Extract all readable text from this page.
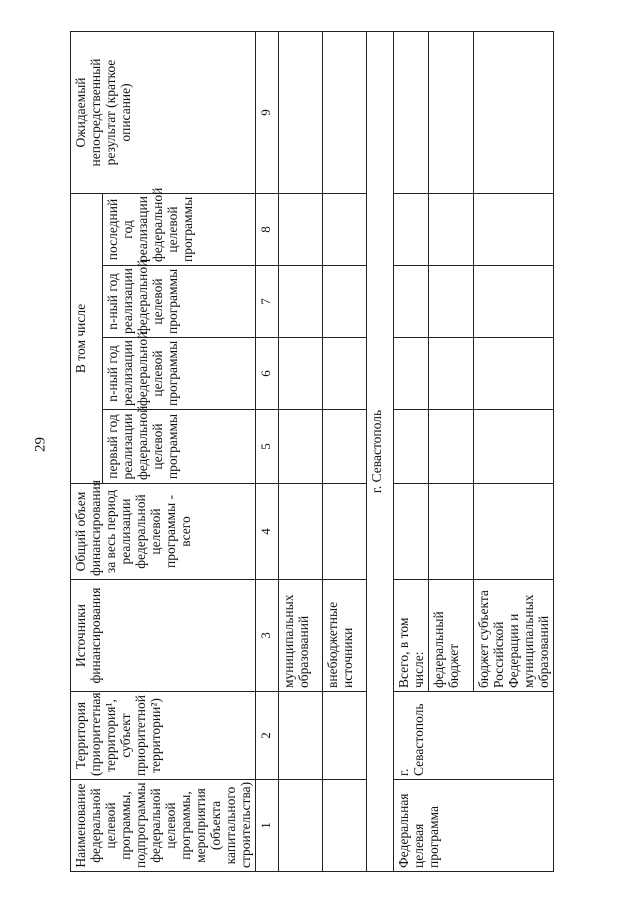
29
Наименование федеральной целевой программы, подпрограммы федеральной целевой программы, мероприятия (объекта капитального строительства)	Территория (приоритетная территория¹, субъект приоритетной территории²)	Источники финансирования	Общий объем финансирования за весь период реализации федеральной целевой программы - всего	В том числе				Ожидаемый непосредственный результат (краткое описание)
				первый год реализации федеральной целевой программы	n-ный год реализации федеральной целевой программы	n-ный год реализации федеральной целевой программы	последний год реализации федеральной целевой программы	
1	2	3	4	5	6	7	8	9
		муниципальных образований						
		внебюджетные источники						
г. Севастополь								
Федеральная целевая программа	г. Севастополь	Всего, в том числе:						
		федеральный бюджет						
		бюджет субъекта Российской Федерации и муниципальных образований						
